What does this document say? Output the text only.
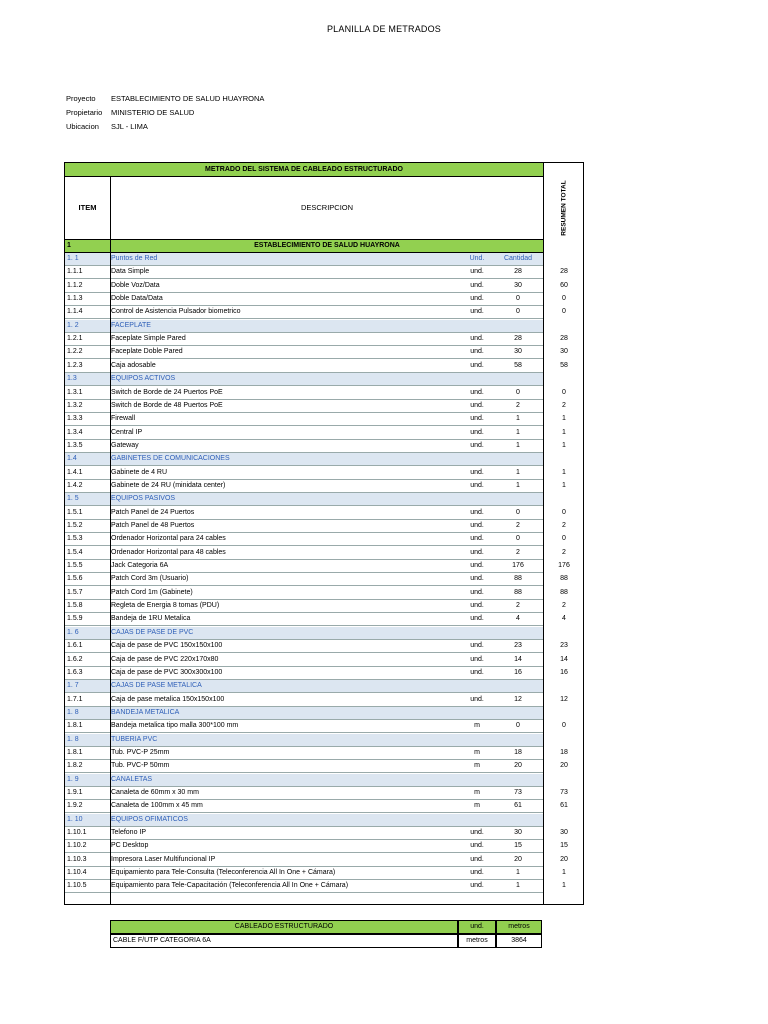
PLANILLA DE METRADOS
Proyecto ESTABLECIMIENTO DE SALUD HUAYRONA
Propietario MINISTERIO DE SALUD
Ubicacion SJL - LIMA
METRADO DEL SISTEMA DE CABLEADO ESTRUCTURADO
ITEM	DESCRIPCION	RESUMEN TOTAL
1	ESTABLECIMIENTO DE SALUD HUAYRONA
1. 1	Puntos de Red	Und.	Cantidad
1.1.1	Data Simple	und.	28	28
1.1.2	Doble Voz/Data	und.	30	60
1.1.3	Doble Data/Data	und.	0	0
1.1.4	Control de Asistencia Pulsador biometrico	und.	0	0
1. 2	FACEPLATE
1.2.1	Faceplate Simple Pared	und.	28	28
1.2.2	Faceplate Doble Pared	und.	30	30
1.2.3	Caja adosable	und.	58	58
1.3	EQUIPOS ACTIVOS
1.3.1	Switch de Borde de 24 Puertos PoE	und.	0	0
1.3.2	Switch de Borde de 48 Puertos PoE	und.	2	2
1.3.3	Firewall	und.	1	1
1.3.4	Central IP	und.	1	1
1.3.5	Gateway	und.	1	1
1.4	GABINETES DE COMUNICACIONES
1.4.1	Gabinete de 4 RU	und.	1	1
1.4.2	Gabinete de 24 RU (minidata center)	und.	1	1
1. 5	EQUIPOS PASIVOS
1.5.1	Patch Panel de 24 Puertos	und.	0	0
1.5.2	Patch Panel de 48 Puertos	und.	2	2
1.5.3	Ordenador Horizontal para 24 cables	und.	0	0
1.5.4	Ordenador Horizontal para 48 cables	und.	2	2
1.5.5	Jack Categoria 6A	und.	176	176
1.5.6	Patch Cord 3m (Usuario)	und.	88	88
1.5.7	Patch Cord 1m (Gabinete)	und.	88	88
1.5.8	Regleta de Energia 8 tomas (PDU)	und.	2	2
1.5.9	Bandeja de 1RU Metalica	und.	4	4
1. 6	CAJAS DE PASE DE PVC
1.6.1	Caja de pase de PVC 150x150x100	und.	23	23
1.6.2	Caja de pase de PVC 220x170x80	und.	14	14
1.6.3	Caja de pase de PVC 300x300x100	und.	16	16
1. 7	CAJAS DE PASE METALICA
1.7.1	Caja de pase metalica 150x150x100	und.	12	12
1. 8	BANDEJA METALICA
1.8.1	Bandeja metalica tipo malla 300*100 mm	m	0	0
1. 8	TUBERIA PVC
1.8.1	Tub. PVC-P 25mm	m	18	18
1.8.2	Tub. PVC-P 50mm	m	20	20
1. 9	CANALETAS
1.9.1	Canaleta de 60mm x 30 mm	m	73	73
1.9.2	Canaleta de 100mm x 45 mm	m	61	61
1. 10	EQUIPOS OFIMATICOS
1.10.1	Telefono IP	und.	30	30
1.10.2	PC Desktop	und.	15	15
1.10.3	Impresora Laser Multifuncional IP	und.	20	20
1.10.4	Equipamiento para Tele-Consulta (Teleconferencia All In One + Cámara)	und.	1	1
1.10.5	Equipamiento para Tele-Capacitación (Teleconferencia All In One + Cámara)	und.	1	1
CABLEADO ESTRUCTURADO	und.	metros
CABLE F/UTP CATEGORIA 6A	metros	3864
